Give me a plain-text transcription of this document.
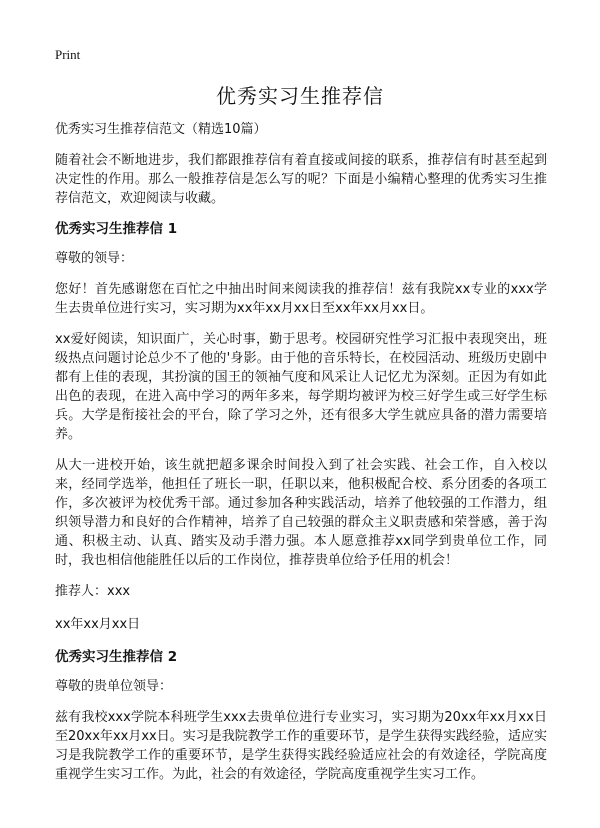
Print
优秀实习生推荐信

优秀实习生推荐信范文（精选10篇）

随着社会不断地进步，我们都跟推荐信有着直接或间接的联系，推荐信有时甚至起到决定性的作用。那么一般推荐信是怎么写的呢？下面是小编精心整理的优秀实习生推荐信范文，欢迎阅读与收藏。

优秀实习生推荐信 1

尊敬的领导：

您好！首先感谢您在百忙之中抽出时间来阅读我的推荐信！兹有我院xx专业的xxx学生去贵单位进行实习，实习期为xx年xx月xx日至xx年xx月xx日。

xx爱好阅读，知识面广，关心时事，勤于思考。校园研究性学习汇报中表现突出，班级热点问题讨论总少不了他的'身影。由于他的音乐特长，在校园活动、班级历史剧中都有上佳的表现，其扮演的国王的领袖气度和风采让人记忆尤为深刻。正因为有如此出色的表现，在进入高中学习的两年多来，每学期均被评为校三好学生或三好学生标兵。大学是衔接社会的平台，除了学习之外，还有很多大学生就应具备的潜力需要培养。

从大一进校开始，该生就把超多课余时间投入到了社会实践、社会工作，自入校以来，经同学选举，他担任了班长一职，任职以来，他积极配合校、系分团委的各项工作，多次被评为校优秀干部。通过参加各种实践活动，培养了他较强的工作潜力，组织领导潜力和良好的合作精神，培养了自己较强的群众主义职责感和荣誉感，善于沟通、积极主动、认真、踏实及动手潜力强。本人愿意推荐xx同学到贵单位工作，同时，我也相信他能胜任以后的工作岗位，推荐贵单位给予任用的机会！

推荐人：xxx

xx年xx月xx日

优秀实习生推荐信 2

尊敬的贵单位领导：

兹有我校xxx学院本科班学生xxx去贵单位进行专业实习，实习期为20xx年xx月xx日至20xx年xx月xx日。实习是我院教学工作的重要环节，是学生获得实践经验，适应实习是我院教学工作的重要环节，是学生获得实践经验适应社会的有效途径，学院高度重视学生实习工作。为此，社会的有效途径，学院高度重视学生实习工作。
